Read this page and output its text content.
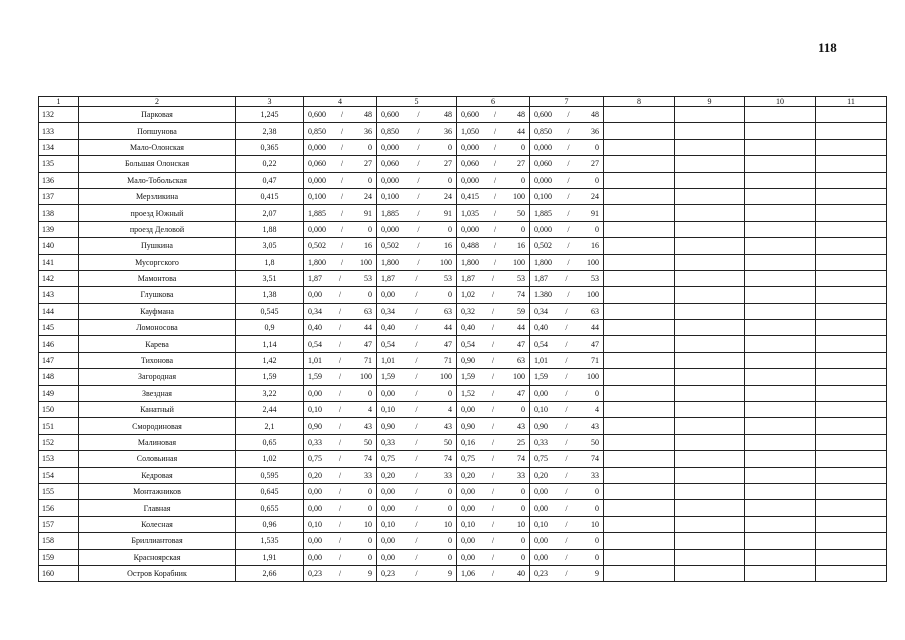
118
1	2	3	4	5	6	7	8	9	10	11
132	Парковая	1,245	0,600 / 48	0,600 / 48	0,600 / 48	0,600 / 48				

133	Попшунова	2,38	0,850 / 36	0,850 / 36	1,050 / 44	0,850 / 36				

134	Мало-Олонская	0,365	0,000 / 0	0,000 / 0	0,000 / 0	0,000 / 0				

135	Большая Олонская	0,22	0,060 / 27	0,060 / 27	0,060 / 27	0,060 / 27				

136	Мало-Тобольская	0,47	0,000 / 0	0,000 / 0	0,000 / 0	0,000 / 0				

137	Мерзликина	0,415	0,100 / 24	0,100 / 24	0,415 / 100	0,100 / 24				

138	проезд Южный	2,07	1,885 / 91	1,885 / 91	1,035 / 50	1,885 / 91				

139	проезд Деловой	1,88	0,000 / 0	0,000 / 0	0,000 / 0	0,000 / 0				

140	Пушкина	3,05	0,502 / 16	0,502 / 16	0,488 / 16	0,502 / 16				

141	Мусоргского	1,8	1,800 / 100	1,800 / 100	1,800 / 100	1,800 / 100				

142	Мамонтова	3,51	1,87 / 53	1,87 / 53	1,87 / 53	1,87 / 53				

143	Глушкова	1,38	0,00 / 0	0,00 / 0	1,02 / 74	1.380 / 100				

144	Кауфмана	0,545	0,34 / 63	0,34 / 63	0,32 / 59	0,34 / 63				

145	Ломоносова	0,9	0,40 / 44	0,40 / 44	0,40 / 44	0,40 / 44				

146	Карева	1,14	0,54 / 47	0,54 / 47	0,54 / 47	0,54 / 47				

147	Тихонова	1,42	1,01 / 71	1,01 / 71	0,90 / 63	1,01 / 71				

148	Загородная	1,59	1,59 / 100	1,59 / 100	1,59 / 100	1,59 / 100				

149	Звездная	3,22	0,00 / 0	0,00 / 0	1,52 / 47	0,00 / 0				

150	Канатный	2,44	0,10 / 4	0,10 / 4	0,00 / 0	0,10 / 4				

151	Смородиновая	2,1	0,90 / 43	0,90 / 43	0,90 / 43	0,90 / 43				

152	Малиновая	0,65	0,33 / 50	0,33 / 50	0,16 / 25	0,33 / 50				

153	Соловьиная	1,02	0,75 / 74	0,75 / 74	0,75 / 74	0,75 / 74				

154	Кедровая	0,595	0,20 / 33	0,20 / 33	0,20 / 33	0,20 / 33				

155	Монтажников	0,645	0,00 / 0	0,00 / 0	0,00 / 0	0,00 / 0				

156	Главная	0,655	0,00 / 0	0,00 / 0	0,00 / 0	0,00 / 0				

157	Колесная	0,96	0,10 / 10	0,10 / 10	0,10 / 10	0,10 / 10				

158	Бриллиантовая	1,535	0,00 / 0	0,00 / 0	0,00 / 0	0,00 / 0				

159	Красноярская	1,91	0,00 / 0	0,00 / 0	0,00 / 0	0,00 / 0				

160	Остров Корабник	2,66	0,23 / 9	0,23 / 9	1,06 / 40	0,23 / 9				
